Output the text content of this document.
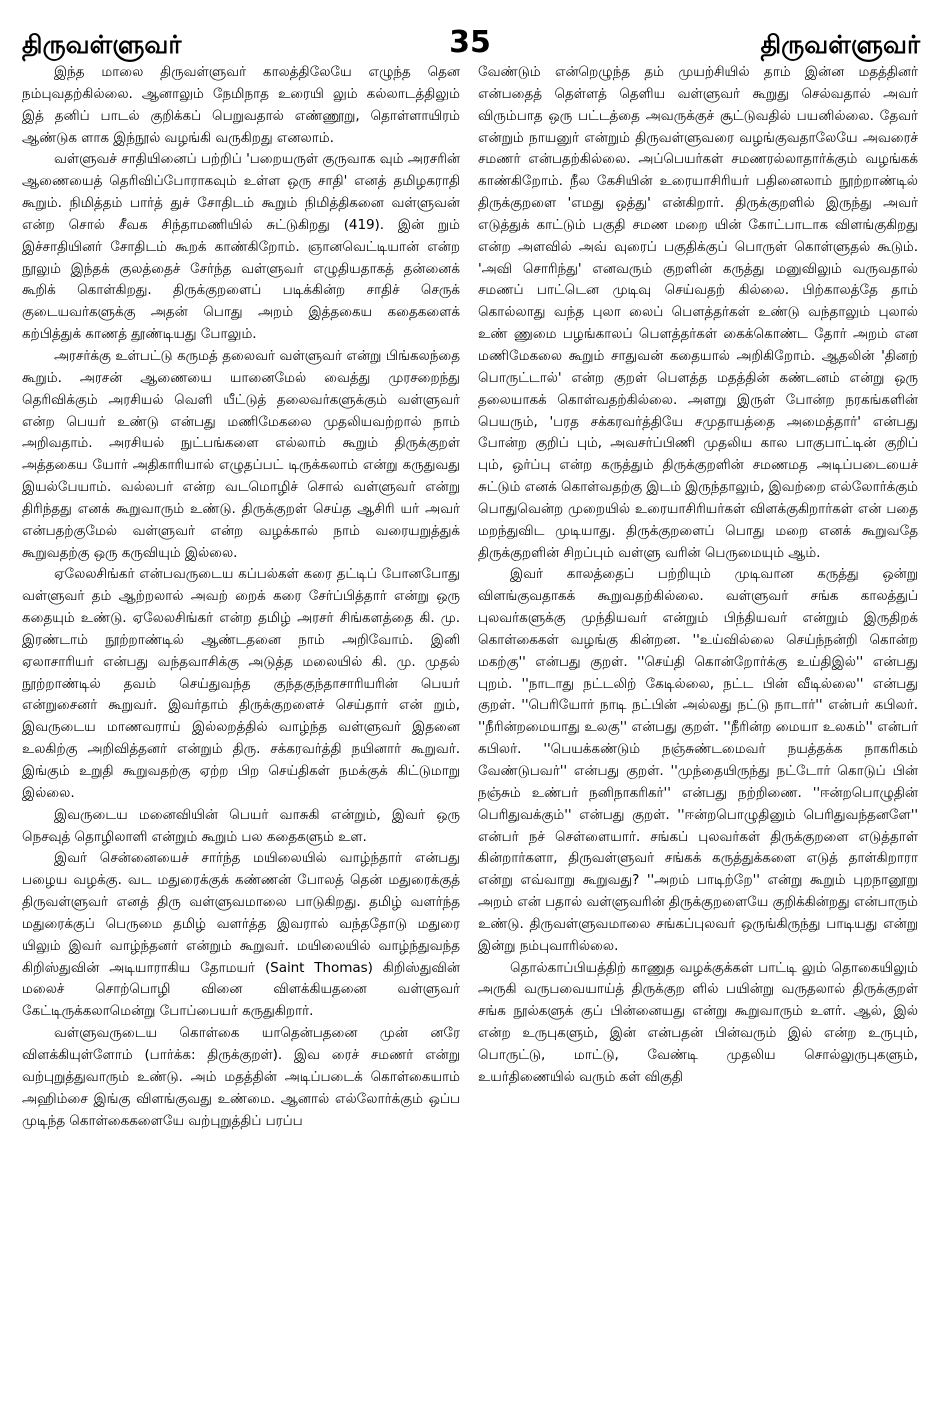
திருவள்ளுவர்	35	திருவள்ளுவர்

இந்த மாலை திருவள்ளுவர் காலத்திலேயே எழுந்த தென நம்புவதற்கில்லை. ஆனாலும் நேமிநாத உரையி லும் கல்லாடத்திலும் இத் தனிப் பாடல் குறிக்கப் பெறுவதால் எண்ணூறு, தொள்ளாயிரம் ஆண்டுக ளாக இந்நூல் வழங்கி வருகிறது எனலாம்.

வள்ளுவச் சாதியினைப் பற்றிப் 'பறையருள் குருவாக வும் அரசரின் ஆணையைத் தெரிவிப்போராகவும் உள்ள ஒரு சாதி' எனத் தமிழகராதி கூறும். நிமித்தம் பார்த் துச் சோதிடம் கூறும் நிமித்திகனை வள்ளுவன் என்ற சொல் சீவக சிந்தாமணியில் சுட்டுகிறது (419). இன் றும் இச்சாதியினர் சோதிடம் கூறக் காண்கிறோம். ஞானவெட்டியான் என்ற நூலும் இந்தக் குலத்தைச் சேர்ந்த வள்ளுவர் எழுதியதாகத் தன்னைக் கூறிக் கொள்கிறது. திருக்குறளைப் படிக்கின்ற சாதிச் செருக் குடையவர்களுக்கு அதன் பொது அறம் இத்தகைய கதைகளைக் கற்பித்துக் காணத் தூண்டியது போலும்.

அரசர்க்கு உள்பட்டு கருமத் தலைவர் வள்ளுவர் என்று பிங்கலந்தை கூறும். அரசன் ஆணையை யானைமேல் வைத்து முரசறைந்து தெரிவிக்கும் அரசியல் வெளி யீட்டுத் தலைவர்களுக்கும் வள்ளுவர் என்ற பெயர் உண்டு என்பது மணிமேகலை முதலியவற்றால் நாம் அறிவதாம். அரசியல் நுட்பங்களை எல்லாம் கூறும் திருக்குறள் அத்தகைய யோர் அதிகாரியால் எழுதப்பட் டிருக்கலாம் என்று கருதுவது இயல்பேயாம். வல்லபர் என்ற வடமொழிச் சொல் வள்ளுவர் என்று திரிந்தது எனக் கூறுவாரும் உண்டு. திருக்குறள் செய்த ஆசிரி யர் அவர் என்பதற்குமேல் வள்ளுவர் என்ற வழக்கால் நாம் வரையறுத்துக் கூறுவதற்கு ஒரு கருவியும் இல்லை.

ஏலேலசிங்கர் என்பவருடைய கப்பல்கள் கரை தட்டிப் போனபோது வள்ளுவர் தம் ஆற்றலால் அவற் றைக் கரை சேர்ப்பித்தார் என்று ஒரு கதையும் உண்டு. ஏலேலசிங்கர் என்ற தமிழ் அரசர் சிங்களத்தை கி. மு. இரண்டாம் நூற்றாண்டில் ஆண்டதனை நாம் அறிவோம். இனி ஏலாசாரியர் என்பது வந்தவாசிக்கு அடுத்த மலையில் கி. மு. முதல் நூற்றாண்டில் தவம் செய்துவந்த குந்தகுந்தாசாரியரின் பெயர் என்றுசைனர் கூறுவர். இவர்தாம் திருக்குறளைச் செய்தார் என் றும், இவருடைய மாணவராய் இல்லறத்தில் வாழ்ந்த வள்ளுவர் இதனை உலகிற்கு அறிவித்தனர் என்றும் திரு. சக்கரவர்த்தி நயினார் கூறுவர். இங்கும் உறுதி கூறுவதற்கு ஏற்ற பிற செய்திகள் நமக்குக் கிட்டுமாறு இல்லை.

இவருடைய மனைவியின் பெயர் வாசுகி என்றும், இவர் ஒரு நெசவுத் தொழிலாளி என்றும் கூறும் பல கதைகளும் உள.

இவர் சென்னையைச் சார்ந்த மயிலையில் வாழ்ந்தார் என்பது பழைய வழக்கு. வட மதுரைக்குக் கண்ணன் போலத் தென் மதுரைக்குத் திருவள்ளுவர் எனத் திரு வள்ளுவமாலை பாடுகிறது. தமிழ் வளர்ந்த மதுரைக்குப் பெருமை தமிழ் வளர்த்த இவரால் வந்ததோடு மதுரை யிலும் இவர் வாழ்ந்தனர் என்றும் கூறுவர். மயிலையில் வாழ்ந்துவந்த கிறிஸ்துவின் அடியாராகிய தோமயர் (Saint Thomas) கிறிஸ்துவின் மலைச் சொற்பொழி வினை விளக்கியதனை வள்ளுவர் கேட்டிருக்கலாமென்று போப்பையர் கருதுகிறார்.

வள்ளுவருடைய கொள்கை யாதென்பதனை முன் னரே விளக்கியுள்ளோம் (பார்க்க: திருக்குறள்). இவ ரைச் சமணர் என்று வற்புறுத்துவாரும் உண்டு. அம் மதத்தின் அடிப்படைக் கொள்கையாம் அஹிம்சை இங்கு விளங்குவது உண்மை. ஆனால் எல்லோர்க்கும் ஒப்ப முடிந்த கொள்கைகளையே வற்புறுத்திப் பரப்ப

வேண்டும் என்றெழுந்த தம் முயற்சியில் தாம் இன்ன மதத்தினர் என்பதைத் தெள்ளத் தெளிய வள்ளுவர் கூறுது செல்வதால் அவர் விரும்பாத ஒரு பட்டத்தை அவருக்குச் சூட்டுவதில் பயனில்லை. தேவர் என்றும் நாயனுர் என்றும் திருவள்ளுவரை வழங்குவதாலேயே அவரைச் சமணர் என்பதற்கில்லை. அப்பெயர்கள் சமணரல்லாதார்க்கும் வழங்கக் காண்கிறோம். நீல கேசியின் உரையாசிரியர் பதினைலாம் நூற்றாண்டில் திருக்குறளை 'எமது ஒத்து' என்கிறார். திருக்குறளில் இருந்து அவர் எடுத்துக் காட்டும் பகுதி சமண மறை யின் கோட்பாடாக விளங்குகிறது என்ற அளவில் அவ் வுரைப் பகுதிக்குப் பொருள் கொள்ளுதல் கூடும். 'அவி சொரிந்து' எனவரும் குறளின் கருத்து மனுவிலும் வருவதால் சமணப் பாட்டென முடிவு செய்வதற் கில்லை. பிற்காலத்தே தாம் கொல்லாது வந்த புலா லைப் பௌத்தர்கள் உண்டு வந்தாலும் புலால் உண் ணுமை பழங்காலப் பௌத்தர்கள் கைக்கொண்ட தோர் அறம் என மணிமேகலை கூறும் சாதுவன் கதையால் அறிகிறோம். ஆதலின் 'தினற் பொருட்டால்' என்ற குறள் பௌத்த மதத்தின் கண்டனம் என்று ஒரு தலையாகக் கொள்வதற்கில்லை. அளறு இருள் போன்ற நரகங்களின் பெயரும், 'பரத சக்கரவர்த்தியே சமுதாயத்தை அமைத்தார்' என்பது போன்ற குறிப் பும், அவசர்ப்பிணி முதலிய கால பாகுபாட்டின் குறிப் பும், ஒர்ப்பு என்ற கருத்தும் திருக்குறளின் சமணமத அடிப்படையைச் சுட்டும் எனக் கொள்வதற்கு இடம் இருந்தாலும், இவற்றை எல்லோர்க்கும் பொதுவென்ற முறையில் உரையாசிரியர்கள் விளக்குகிறார்கள் என் பதை மறந்துவிட முடியாது. திருக்குறளைப் பொது மறை எனக் கூறுவதே திருக்குறளின் சிறப்பும் வள்ளு வரின் பெருமையும் ஆம்.

இவர் காலத்தைப் பற்றியும் முடிவான கருத்து ஒன்று விளங்குவதாகக் கூறுவதற்கில்லை. வள்ளுவர் சங்க காலத்துப் புலவர்களுக்கு முந்தியவர் என்றும் பிந்தியவர் என்றும் இருதிறக் கொள்கைகள் வழங்கு கின்றன. ''உய்வில்லை செய்ந்நன்றி கொன்ற மகற்கு'' என்பது குறள். ''செய்தி கொன்றோர்க்கு உய்திஇல்'' என்பது புறம். ''நாடாது நட்டலிற் கேடில்லை, நட்ட பின் வீடில்லை'' என்பது குறள். ''பெரியோர் நாடி நட்பின் அல்லது நட்டு நாடார்'' என்பர் கபிலர். ''நீரின்றமையாது உலகு'' என்பது குறள். ''நீரின்ற மையா உலகம்'' என்பர் கபிலர். ''பெயக்கண்டும் நஞ்சுண்டமைவர் நயத்தக்க நாகரிகம் வேண்டுபவர்'' என்பது குறள். ''முந்தையிருந்து நட்டோர் கொடுப் பின் நஞ்சும் உண்பர் நனிநாகரிகர்'' என்பது நற்றிணை. ''ஈன்றபொழுதின் பெரிதுவக்கும்'' என்பது குறள். ''ஈன்றபொழுதினும் பெரிதுவந்தனளே'' என்பர் நச் செள்ளையார். சங்கப் புலவர்கள் திருக்குறளை எடுத்தாள் கின்றார்களா, திருவள்ளுவர் சங்கக் கருத்துக்களை எடுத் தாள்கிறாரா என்று எவ்வாறு கூறுவது? ''அறம் பாடிற்றே'' என்று கூறும் புறநானூறு அறம் என் பதால் வள்ளுவரின் திருக்குறளையே குறிக்கின்றது என்பாரும் உண்டு. திருவள்ளுவமாலை சங்கப்புலவர் ஒருங்கிருந்து பாடியது என்று இன்று நம்புவாரில்லை.

தொல்காப்பியத்திற் காணுத வழக்குக்கள் பாட்டி லும் தொகையிலும் அருகி வருபவையாய்த் திருக்குற ளில் பயின்று வருதலால் திருக்குறள் சங்க நூல்களுக் குப் பின்னையது என்று கூறுவாரும் உளர். ஆல், இல் என்ற உருபுகளும், இன் என்பதன் பின்வரும் இல் என்ற உருபும், பொருட்டு, மாட்டு, வேண்டி முதலிய சொல்லுருபுகளும், உயர்திணையில் வரும் கள் விகுதி
